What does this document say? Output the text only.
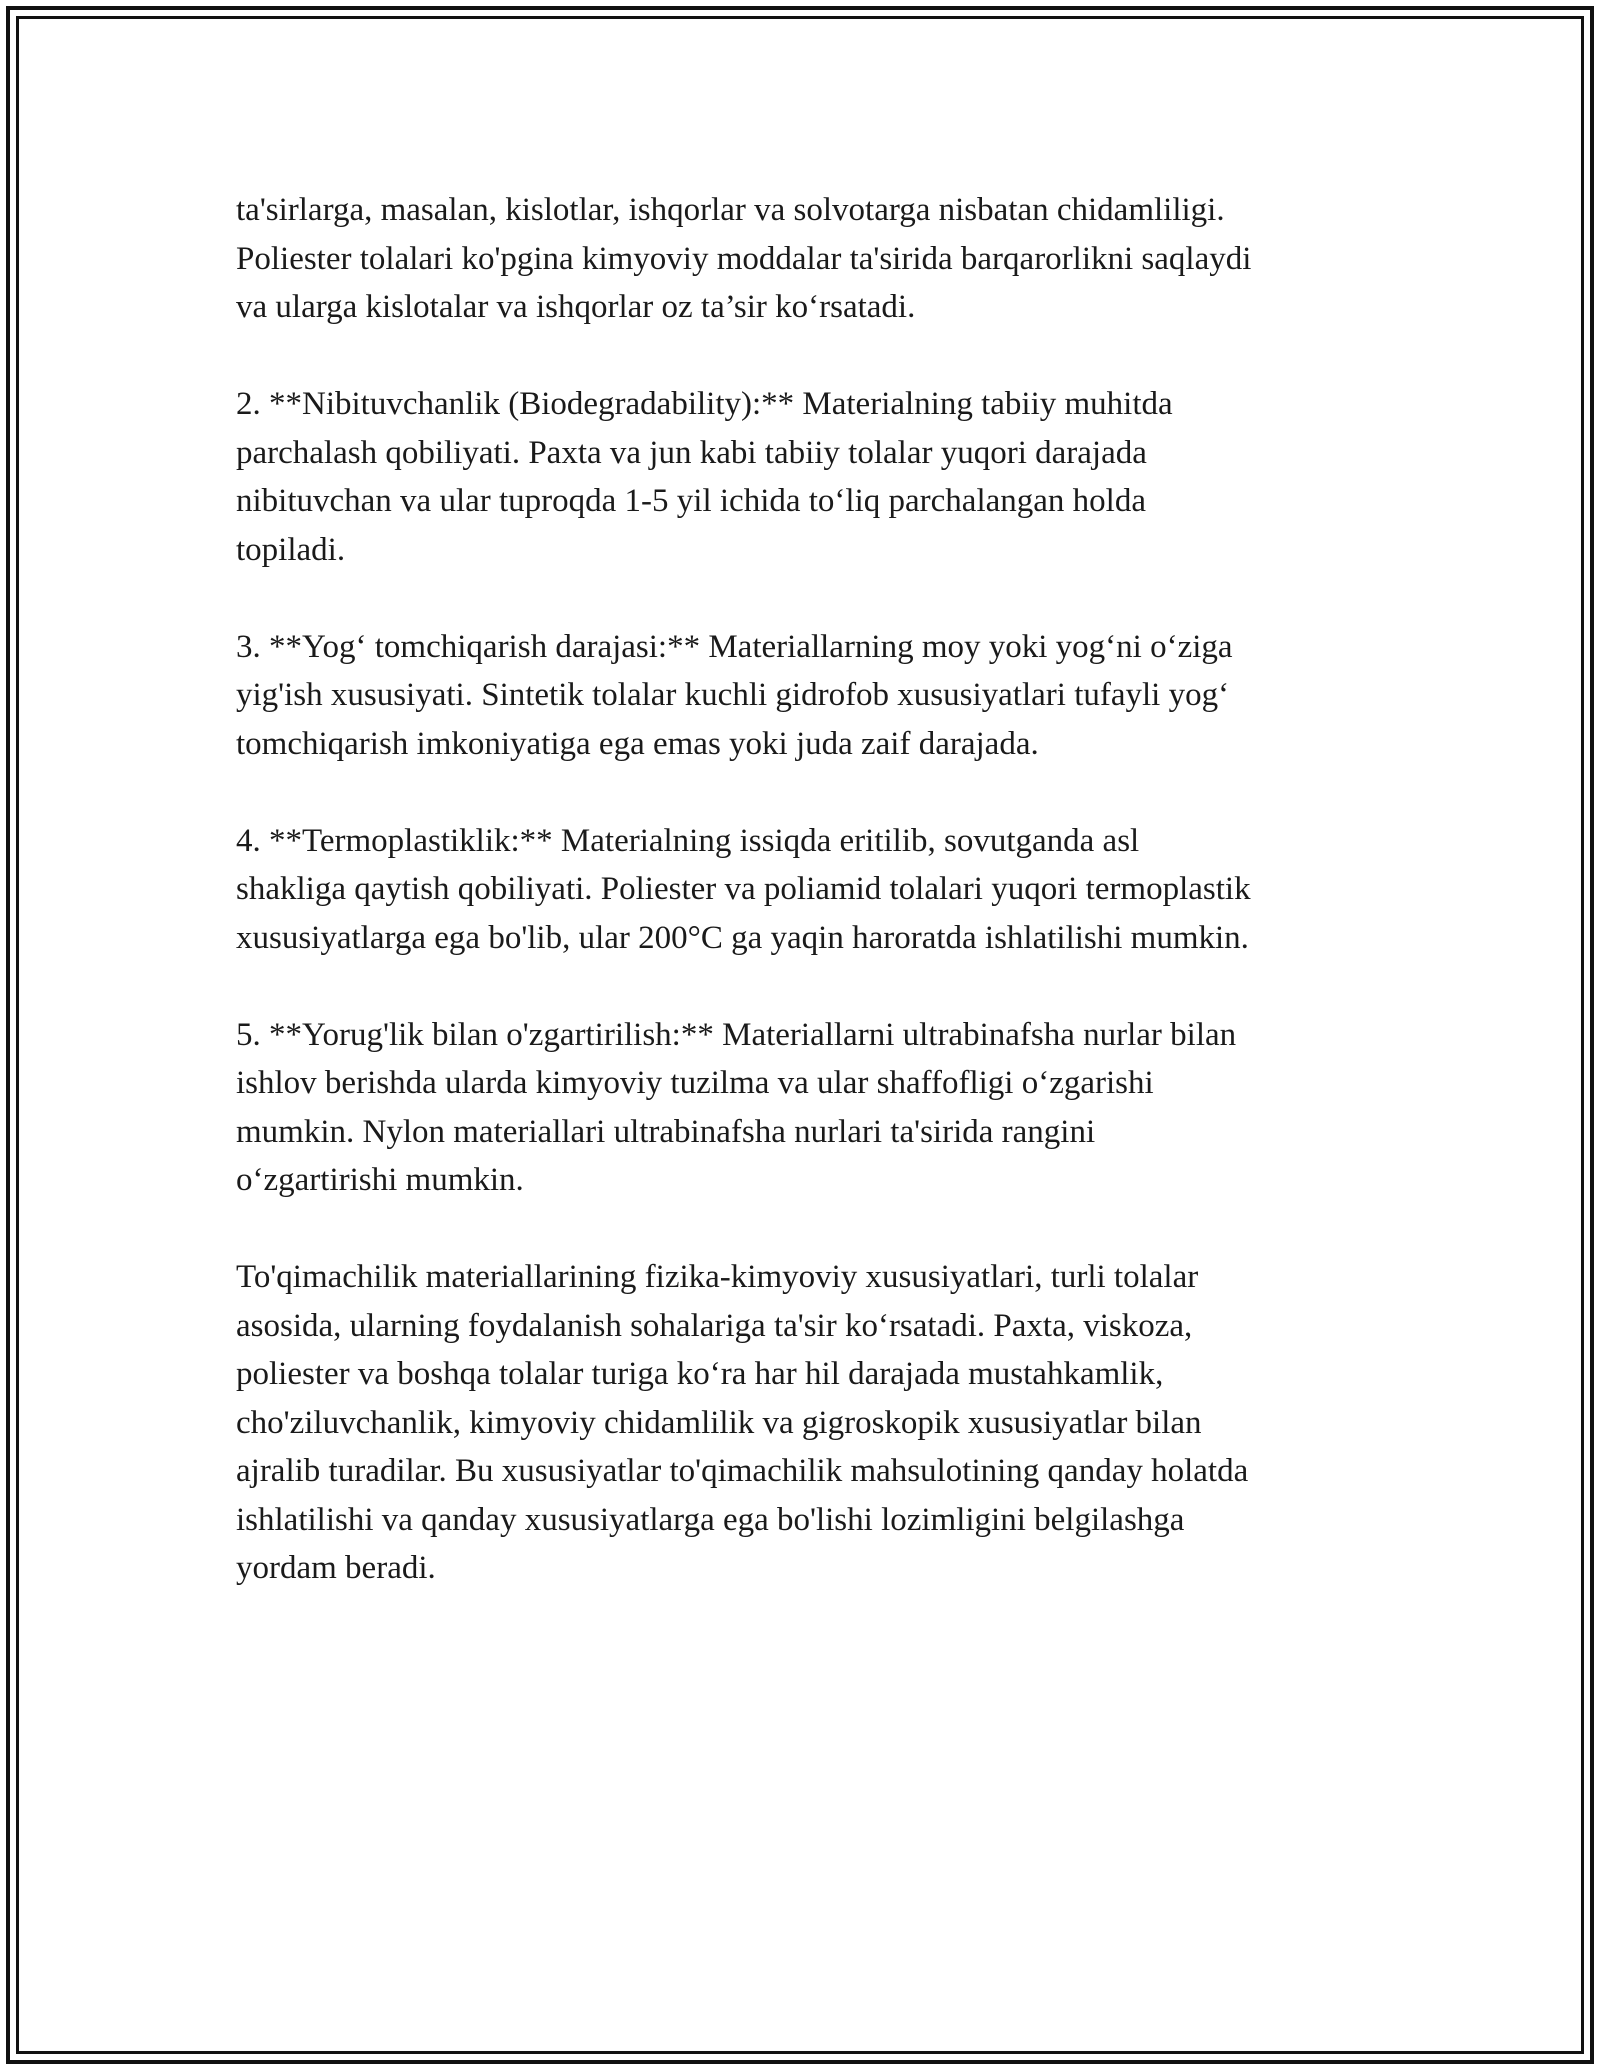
ta'sirlarga, masalan, kislotlar, ishqorlar va solvotarga nisbatan chidamliligi.
Poliester tolalari ko'pgina kimyoviy moddalar ta'sirida barqarorlikni saqlaydi
va ularga kislotalar va ishqorlar oz ta’sir ko‘rsatadi.

2. **Nibituvchanlik (Biodegradability):** Materialning tabiiy muhitda
parchalash qobiliyati. Paxta va jun kabi tabiiy tolalar yuqori darajada
nibituvchan va ular tuproqda 1-5 yil ichida to‘liq parchalangan holda
topiladi.

3. **Yog‘ tomchiqarish darajasi:** Materiallarning moy yoki yog‘ni o‘ziga
yig'ish xususiyati. Sintetik tolalar kuchli gidrofob xususiyatlari tufayli yog‘
tomchiqarish imkoniyatiga ega emas yoki juda zaif darajada.

4. **Termoplastiklik:** Materialning issiqda eritilib, sovutganda asl
shakliga qaytish qobiliyati. Poliester va poliamid tolalari yuqori termoplastik
xususiyatlarga ega bo'lib, ular 200°C ga yaqin haroratda ishlatilishi mumkin.

5. **Yorug'lik bilan o'zgartirilish:** Materiallarni ultrabinafsha nurlar bilan
ishlov berishda ularda kimyoviy tuzilma va ular shaffofligi o‘zgarishi
mumkin. Nylon materiallari ultrabinafsha nurlari ta'sirida rangini
o‘zgartirishi mumkin.

To'qimachilik materiallarining fizika-kimyoviy xususiyatlari, turli tolalar
asosida, ularning foydalanish sohalariga ta'sir ko‘rsatadi. Paxta, viskoza,
poliester va boshqa tolalar turiga ko‘ra har hil darajada mustahkamlik,
cho'ziluvchanlik, kimyoviy chidamlilik va gigroskopik xususiyatlar bilan
ajralib turadilar. Bu xususiyatlar to'qimachilik mahsulotining qanday holatda
ishlatilishi va qanday xususiyatlarga ega bo'lishi lozimligini belgilashga
yordam beradi.
